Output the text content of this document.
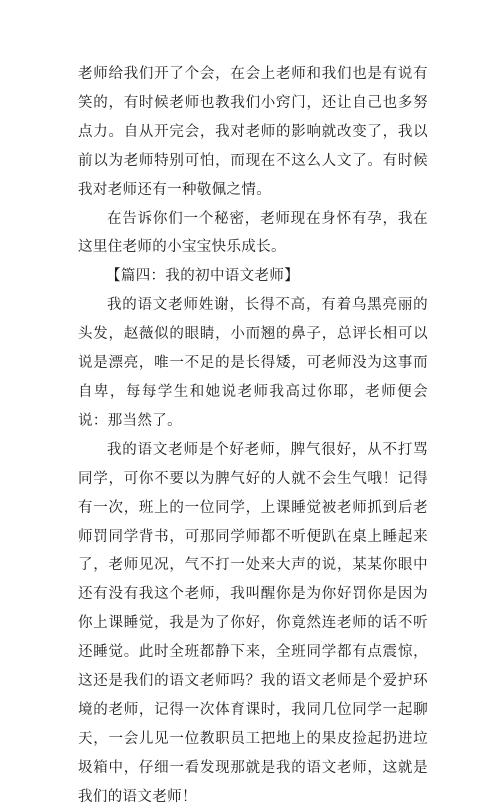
老师给我们开了个会，在会上老师和我们也是有说有笑的，有时候老师也教我们小窍门，还让自己也多努点力。自从开完会，我对老师的影响就改变了，我以前以为老师特别可怕，而现在不这么人文了。有时候我对老师还有一种敬佩之情。

在告诉你们一个秘密，老师现在身怀有孕，我在这里住老师的小宝宝快乐成长。

【篇四：我的初中语文老师】

我的语文老师姓谢，长得不高，有着乌黑亮丽的头发，赵薇似的眼睛，小而翘的鼻子，总评长相可以说是漂亮，唯一不足的是长得矮，可老师没为这事而自卑，每每学生和她说老师我高过你耶，老师便会说：那当然了。

我的语文老师是个好老师，脾气很好，从不打骂同学，可你不要以为脾气好的人就不会生气哦！记得有一次，班上的一位同学，上课睡觉被老师抓到后老师罚同学背书，可那同学师都不听便趴在桌上睡起来了，老师见况，气不打一处来大声的说，某某你眼中还有没有我这个老师，我叫醒你是为你好罚你是因为你上课睡觉，我是为了你好，你竟然连老师的话不听还睡觉。此时全班都静下来，全班同学都有点震惊，这还是我们的语文老师吗？我的语文老师是个爱护环境的老师，记得一次体育课时，我同几位同学一起聊天，一会儿见一位教职员工把地上的果皮捡起扔进垃圾箱中，仔细一看发现那就是我的语文老师，这就是我们的语文老师！
